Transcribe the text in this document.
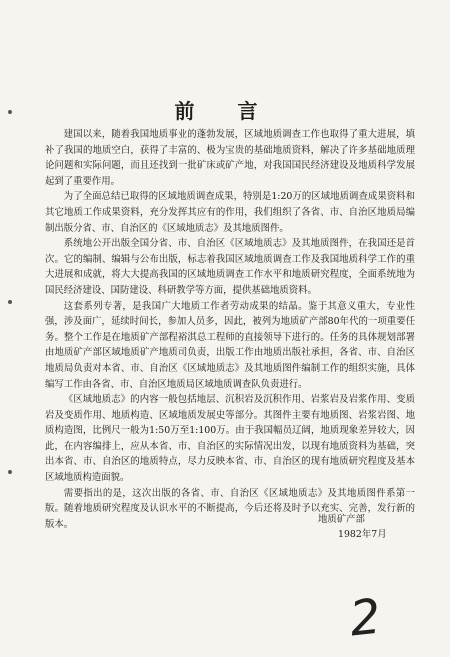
前 言

建国以来，随着我国地质事业的蓬勃发展，区域地质调查工作也取得了重大进展，填补了我国的地质空白，获得了丰富的、极为宝贵的基础地质资料，解决了许多基础地质理论问题和实际问题，而且还找到一批矿床或矿产地，对我国国民经济建设及地质科学发展起到了重要作用。

为了全面总结已取得的区域地质调查成果，特别是1:20万的区域地质调查成果资料和其它地质工作成果资料，充分发挥其应有的作用，我们组织了各省、市、自治区地质局编制出版分省、市、自治区的《区域地质志》及其地质图件。

系统地公开出版全国分省、市、自治区《区域地质志》及其地质图件，在我国还是首次。它的编制、编辑与公布出版，标志着我国区域地质调查工作及我国地质科学工作的重大进展和成就，将大大提高我国的区域地质调查工作水平和地质研究程度，全面系统地为国民经济建设、国防建设、科研教学等方面，提供基础地质资料。

这套系列专著，是我国广大地质工作者劳动成果的结晶。鉴于其意义重大，专业性强，涉及面广，延续时间长，参加人员多，因此，被列为地质矿产部80年代的一项重要任务。整个工作是在地质矿产部程裕淇总工程师的直接领导下进行的。任务的具体规划部署由地质矿产部区域地质矿产地质司负责，出版工作由地质出版社承担，各省、市、自治区地质局负责对本省、市、自治区《区域地质志》及其地质图件编制工作的组织实施，具体编写工作由各省、市、自治区地质局区域地质调查队负责进行。

《区域地质志》的内容一般包括地层、沉积岩及沉积作用、岩浆岩及岩浆作用、变质岩及变质作用、地质构造、区域地质发展史等部分。其图件主要有地质图、岩浆岩图、地质构造图，比例尺一般为1:50万至1:100万。由于我国幅员辽阔，地质现象差异较大，因此，在内容编排上，应从本省、市、自治区的实际情况出发，以现有地质资料为基础，突出本省、市、自治区的地质特点，尽力反映本省、市、自治区的现有地质研究程度及基本区域地质构造面貌。

需要指出的是，这次出版的各省、市、自治区《区域地质志》及其地质图件系第一版。随着地质研究程度及认识水平的不断提高，今后还将及时予以充实、完善，发行新的版本。	地质矿产部
1982年7月
2
